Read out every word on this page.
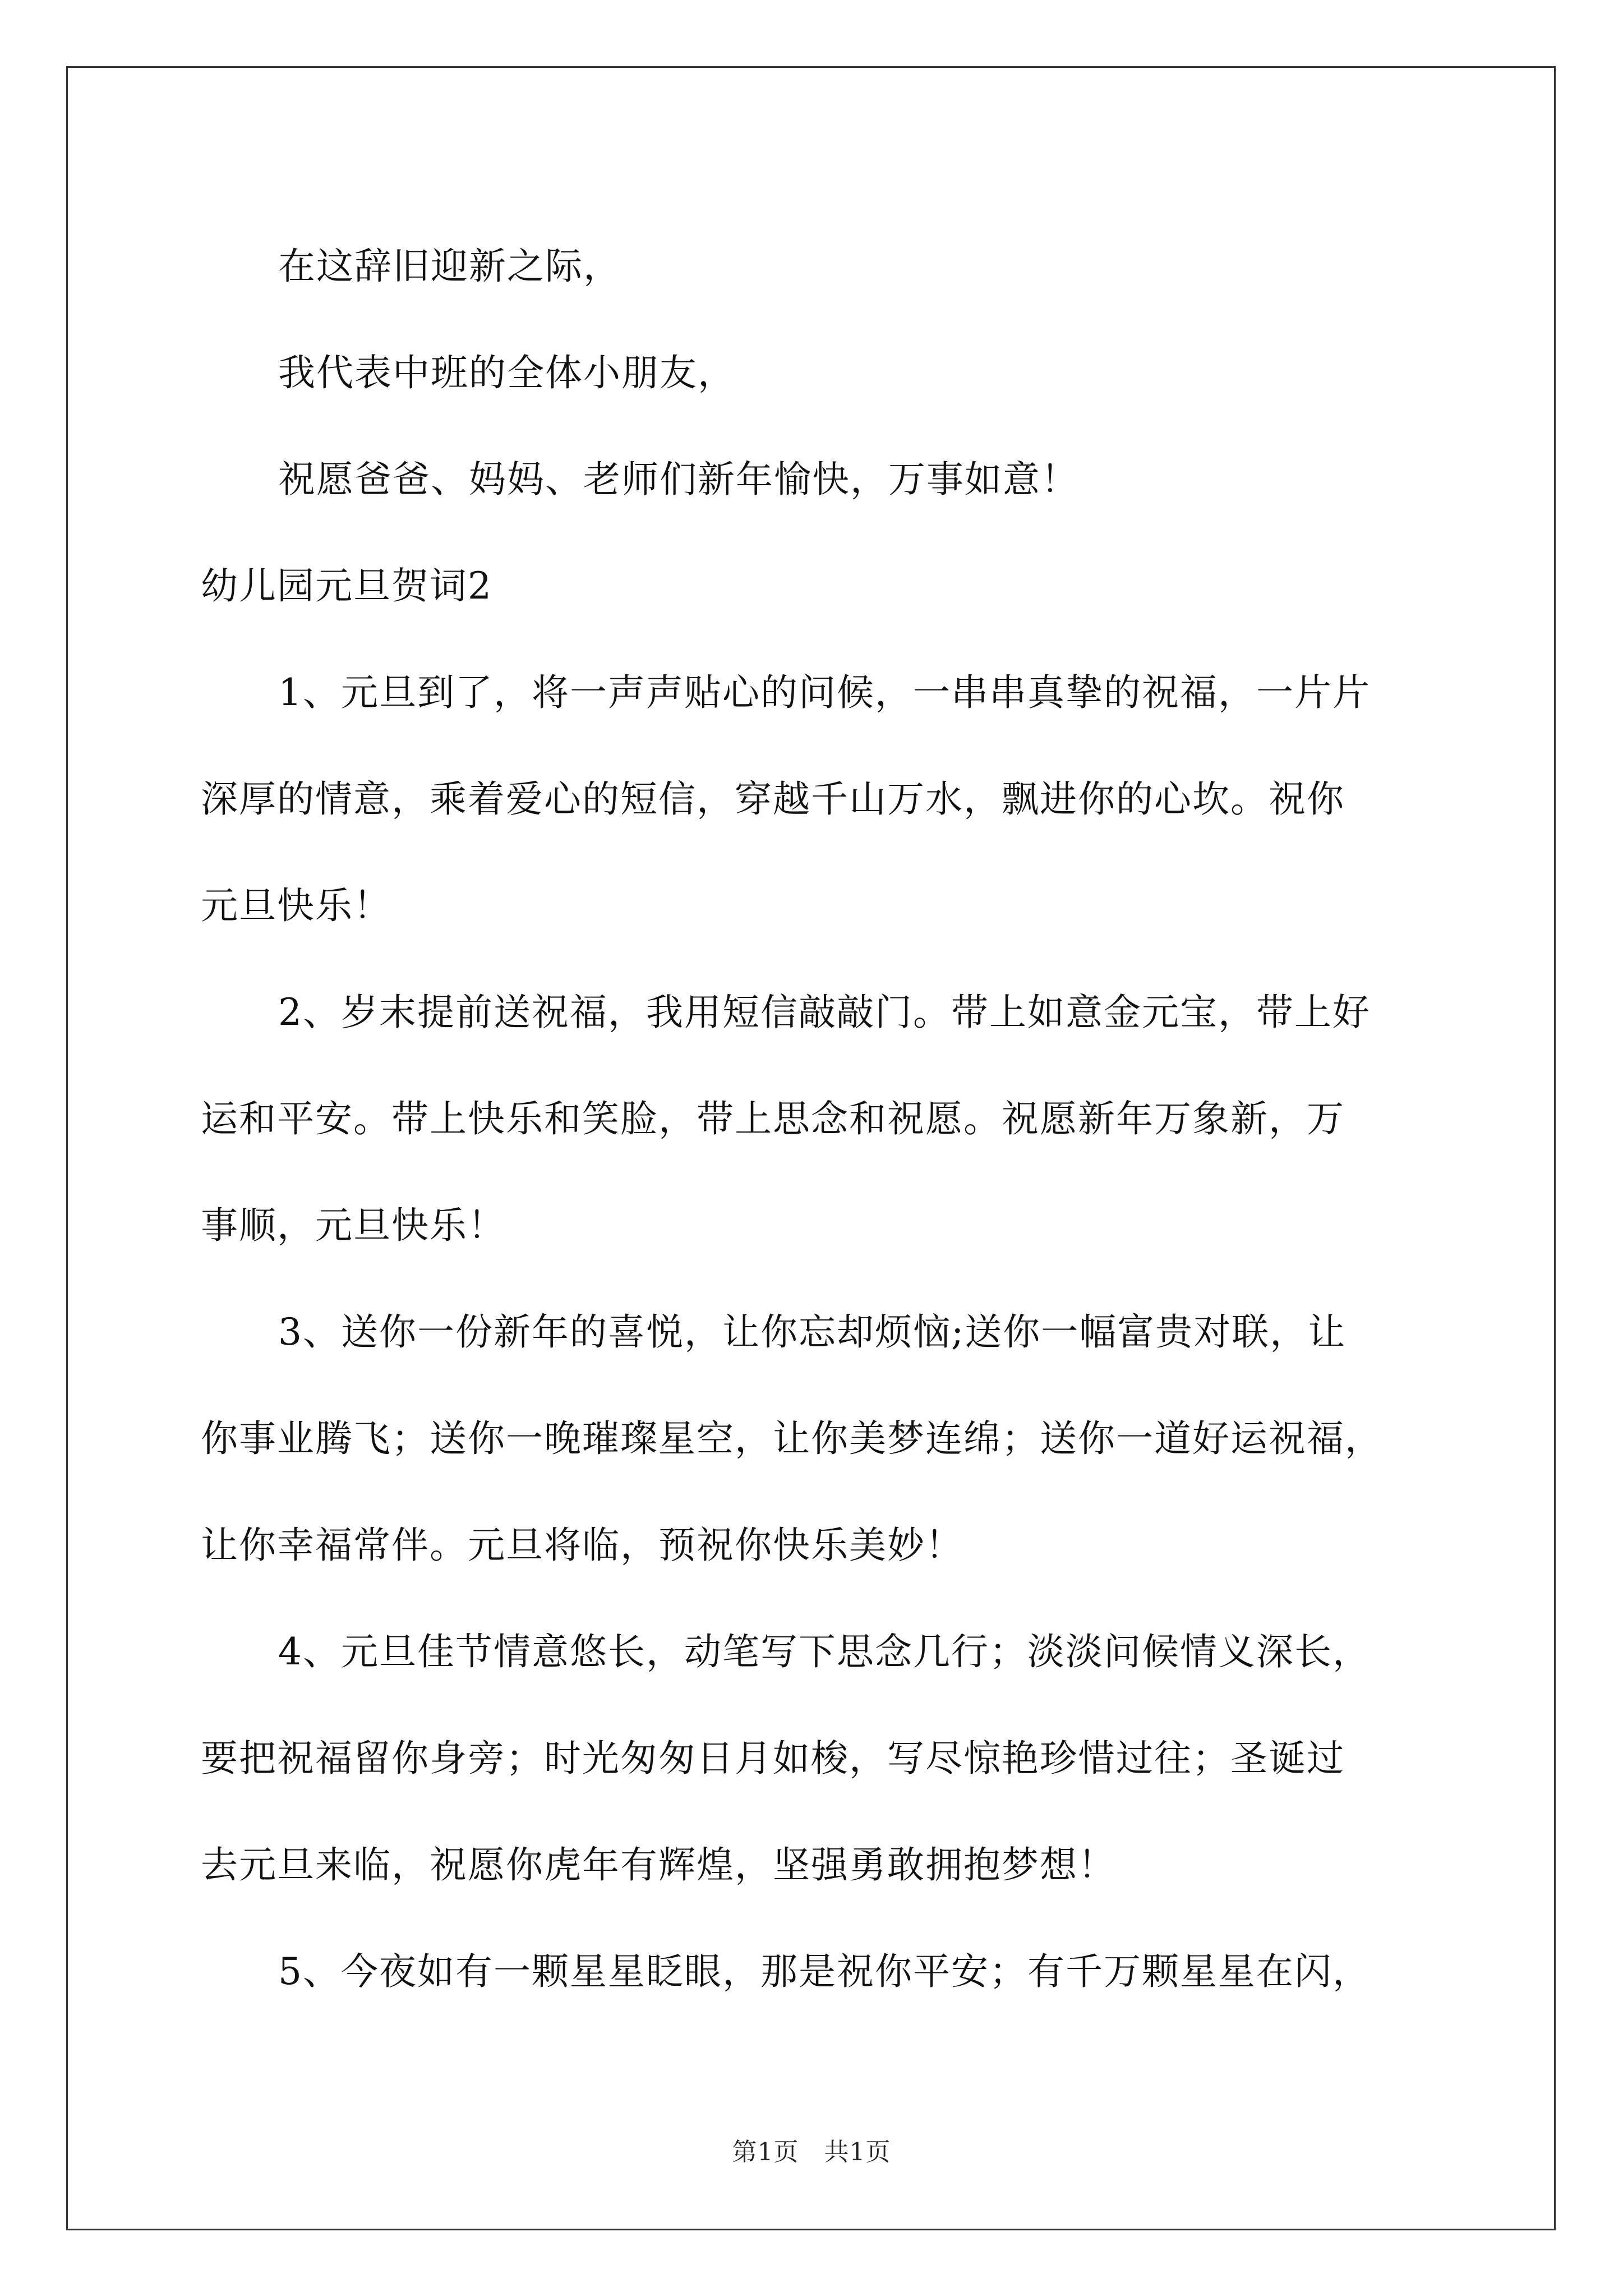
在这辞旧迎新之际，
我代表中班的全体小朋友，
祝愿爸爸、妈妈、老师们新年愉快，万事如意！
幼儿园元旦贺词2
1、元旦到了，将一声声贴心的问候，一串串真挚的祝福，一片片
深厚的情意，乘着爱心的短信，穿越千山万水，飘进你的心坎。祝你
元旦快乐！
2、岁末提前送祝福，我用短信敲敲门。带上如意金元宝，带上好
运和平安。带上快乐和笑脸，带上思念和祝愿。祝愿新年万象新，万
事顺，元旦快乐！
3、送你一份新年的喜悦，让你忘却烦恼;送你一幅富贵对联，让
你事业腾飞；送你一晚璀璨星空，让你美梦连绵；送你一道好运祝福，
让你幸福常伴。元旦将临，预祝你快乐美妙！
4、元旦佳节情意悠长，动笔写下思念几行；淡淡问候情义深长，
要把祝福留你身旁；时光匆匆日月如梭，写尽惊艳珍惜过往；圣诞过
去元旦来临，祝愿你虎年有辉煌，坚强勇敢拥抱梦想！
5、今夜如有一颗星星眨眼，那是祝你平安；有千万颗星星在闪，
第1页　共1页
